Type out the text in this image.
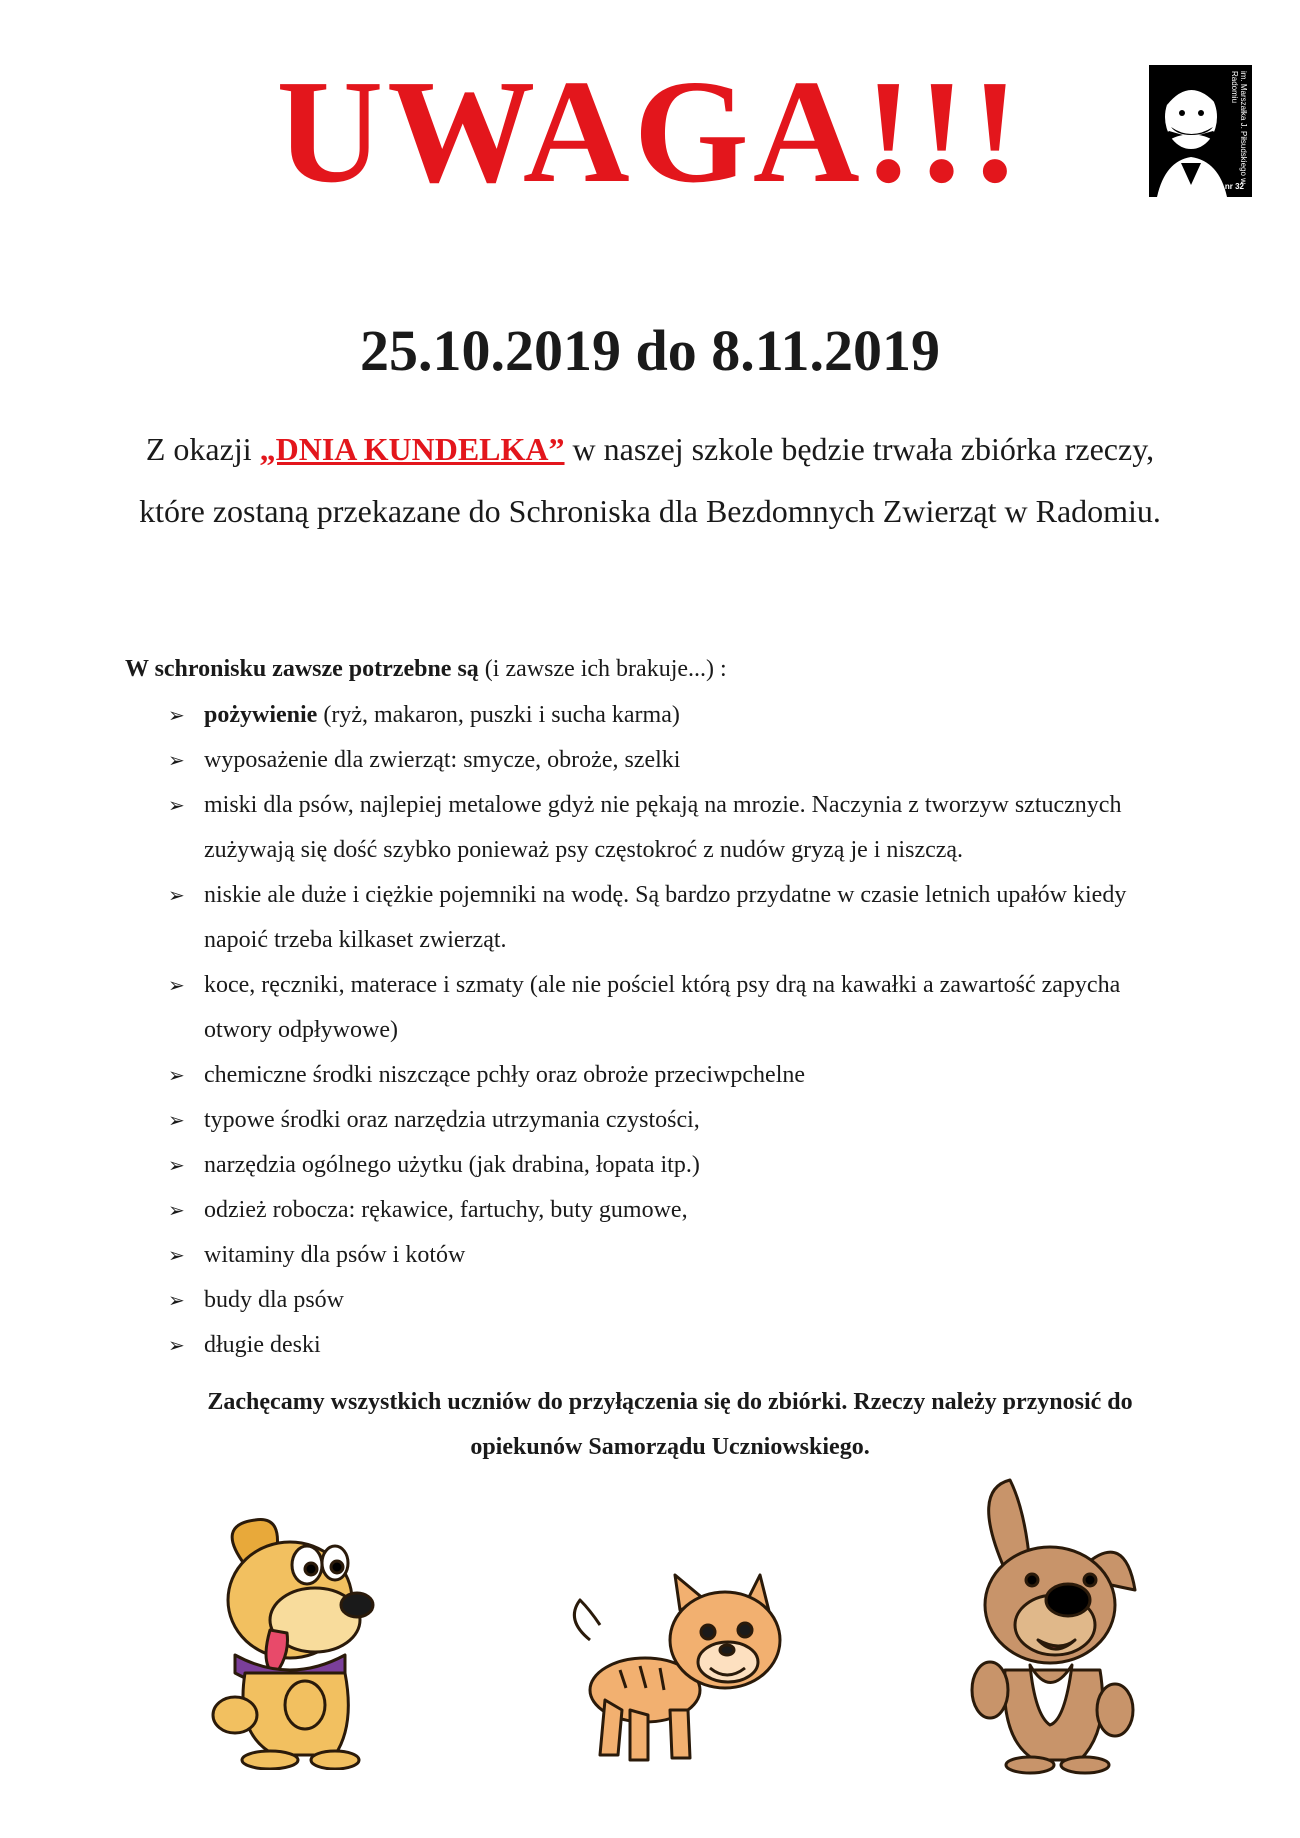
UWAGA!!!	im. Marszałka J. Piłsudskiego w Radomiu
PSP nr 32
25.10.2019 do 8.11.2019

Z okazji „DNIA KUNDELKA” w naszej szkole będzie trwała zbiórka rzeczy, które zostaną przekazane do Schroniska dla Bezdomnych Zwierząt w Radomiu.

W schronisku zawsze potrzebne są (i zawsze ich brakuje...) :

➢ pożywienie (ryż, makaron, puszki i sucha karma)
➢ wyposażenie dla zwierząt: smycze, obroże, szelki
➢ miski dla psów, najlepiej metalowe gdyż nie pękają na mrozie. Naczynia z tworzyw sztucznych zużywają się dość szybko ponieważ psy częstokroć z nudów gryzą je i niszczą.
➢ niskie ale duże i ciężkie pojemniki na wodę. Są bardzo przydatne w czasie letnich upałów kiedy napoić trzeba kilkaset zwierząt.
➢ koce, ręczniki, materace i szmaty (ale nie pościel którą psy drą na kawałki a zawartość zapycha otwory odpływowe)
➢ chemiczne środki niszczące pchły oraz obroże przeciwpchelne
➢ typowe środki oraz narzędzia utrzymania czystości,
➢ narzędzia ogólnego użytku (jak drabina, łopata itp.)
➢ odzież robocza: rękawice, fartuchy, buty gumowe,
➢ witaminy dla psów i kotów
➢ budy dla psów
➢ długie deski

Zachęcamy wszystkich uczniów do przyłączenia się do zbiórki. Rzeczy należy przynosić do opiekunów Samorządu Uczniowskiego.
